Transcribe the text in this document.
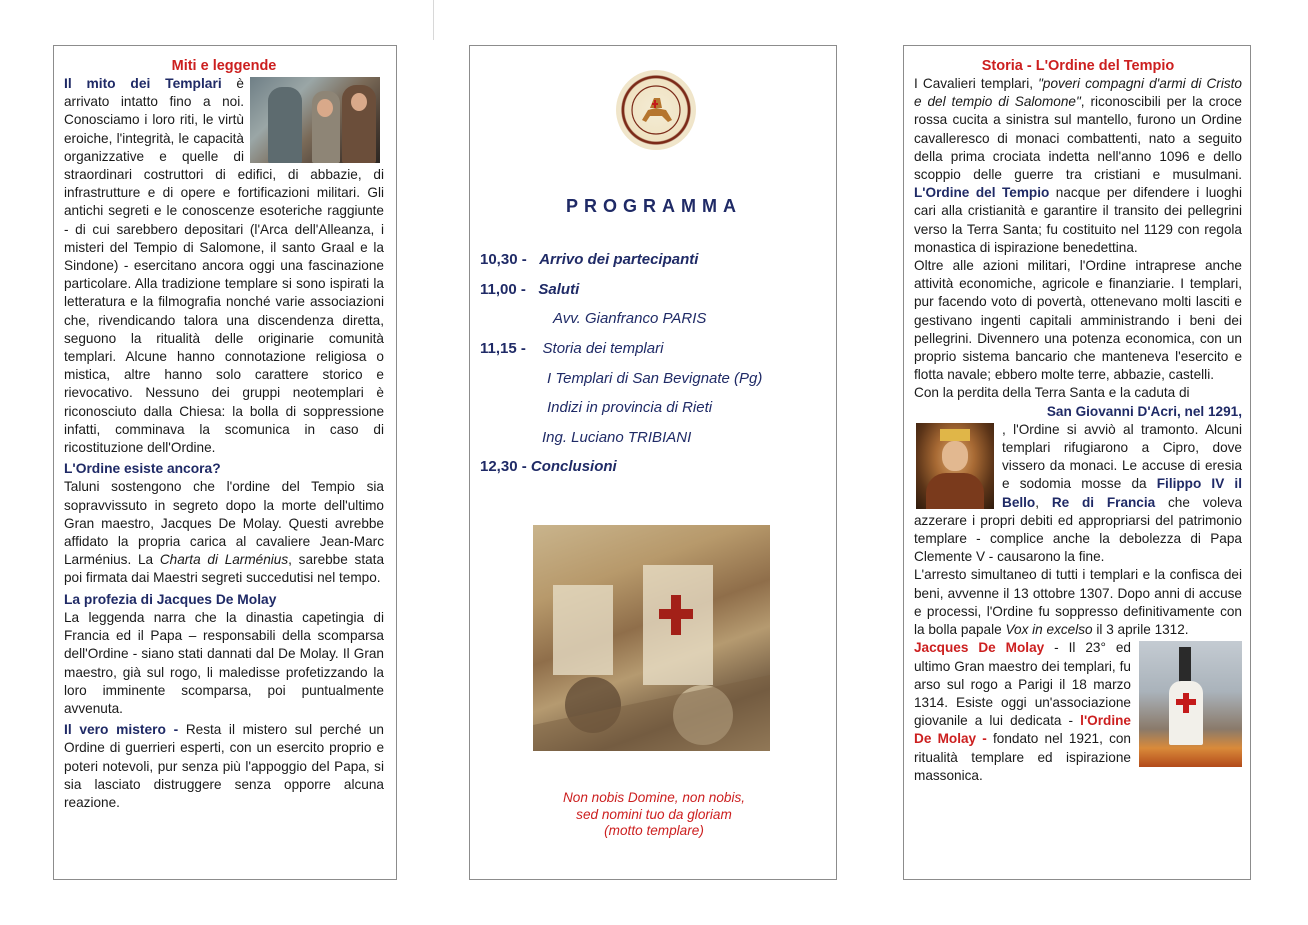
Miti e leggende

Il mito dei Templari
è arrivato intatto fino a noi. Conosciamo i loro riti, le virtù eroiche, l'integrità, le capacità organizzative e quelle di straordinari costruttori di edifici, di abbazie, di infrastrutture e di opere e fortificazioni militari. Gli antichi segreti e le conoscenze esoteriche raggiunte - di cui sarebbero depositari (l'Arca dell'Alleanza, i misteri del Tempio di Salomone, il santo Graal e la Sindone) - esercitano ancora oggi una fascinazione particolare. Alla tradizione templare si sono ispirati la letteratura e la filmografia nonché varie associazioni che, rivendicando talora una discendenza diretta, seguono la ritualità delle originarie comunità templari. Alcune hanno connotazione religiosa o mistica, altre hanno solo carattere storico e rievocativo. Nessuno dei gruppi neotemplari è riconosciuto dalla Chiesa: la bolla di soppressione infatti, comminava la scomunica in caso di ricostituzione dell'Ordine.

L'Ordine esiste ancora?

Taluni sostengono che l'ordine del Tempio sia sopravvissuto in segreto dopo la morte dell'ultimo Gran maestro, Jacques De Molay. Questi avrebbe affidato la propria carica al cavaliere Jean-Marc Larménius. La Charta di Larménius, sarebbe stata poi firmata dai Maestri segreti succedutisi nel tempo.

La profezia di Jacques De Molay

La leggenda narra che la dinastia capetingia di Francia ed il Papa – responsabili della scomparsa dell'Ordine - siano stati dannati dal De Molay. Il Gran maestro, già sul rogo, li maledisse profetizzando la loro imminente scomparsa, poi puntualmente avvenuta.

Il vero mistero - Resta il mistero sul perché un Ordine di guerrieri esperti, con un esercito proprio e poteri notevoli, pur senza più l'appoggio del Papa, si sia lasciato distruggere senza opporre alcuna reazione.

PROGRAMMA
10,30 - Arrivo dei partecipanti
11,00 - Saluti
Avv. Gianfranco PARIS
11,15 - Storia dei templari
I Templari di San Bevignate (Pg)
Indizi in provincia di Rieti
Ing. Luciano TRIBIANI
12,30 - Conclusioni
Non nobis Domine, non nobis,
sed nomini tuo da gloriam
(motto templare)

Storia - L'Ordine del Tempio

I Cavalieri templari, "poveri compagni d'armi di Cristo e del tempio di Salomone", riconoscibili per la croce rossa cucita a sinistra sul mantello, furono un Ordine cavalleresco di monaci combattenti, nato a seguito della prima crociata indetta nell'anno 1096 e dello scoppio delle guerre tra cristiani e musulmani. L'Ordine del Tempio nacque per difendere i luoghi cari alla cristianità e garantire il transito dei pellegrini verso la Terra Santa; fu costituito nel 1129 con regola monastica di ispirazione benedettina.

Oltre alle azioni militari, l'Ordine intraprese anche attività economiche, agricole e finanziarie. I templari, pur facendo voto di povertà, ottenevano molti lasciti e gestivano ingenti capitali amministrando i beni dei pellegrini. Divennero una potenza economica, con un proprio sistema bancario che manteneva l'esercito e flotta navale; ebbero molte terre, abbazie, castelli.

Con la perdita della Terra Santa e la caduta di
San Giovanni D'Acri, nel 1291,
, l'Ordine si avviò al tramonto. Alcuni templari rifugiarono a Cipro, dove vissero da monaci. Le accuse di eresia e sodomia mosse da Filippo IV il Bello, Re di Francia che voleva azzerare i propri debiti ed appropriarsi del patrimonio templare - complice anche la debolezza di Papa Clemente V - causarono la fine.

L'arresto simultaneo di tutti i templari e la confisca dei beni, avvenne il 13 ottobre 1307. Dopo anni di accuse e processi, l'Ordine fu soppresso definitivamente con la bolla papale Vox in excelso il 3 aprile 1312.

Jacques De Molay - Il 23° ed ultimo Gran maestro dei templari, fu arso sul rogo a Parigi il 18 marzo 1314. Esiste oggi un'associazione giovanile a lui dedicata - l'Ordine De Molay - fondato nel 1921, con ritualità templare ed ispirazione massonica.
